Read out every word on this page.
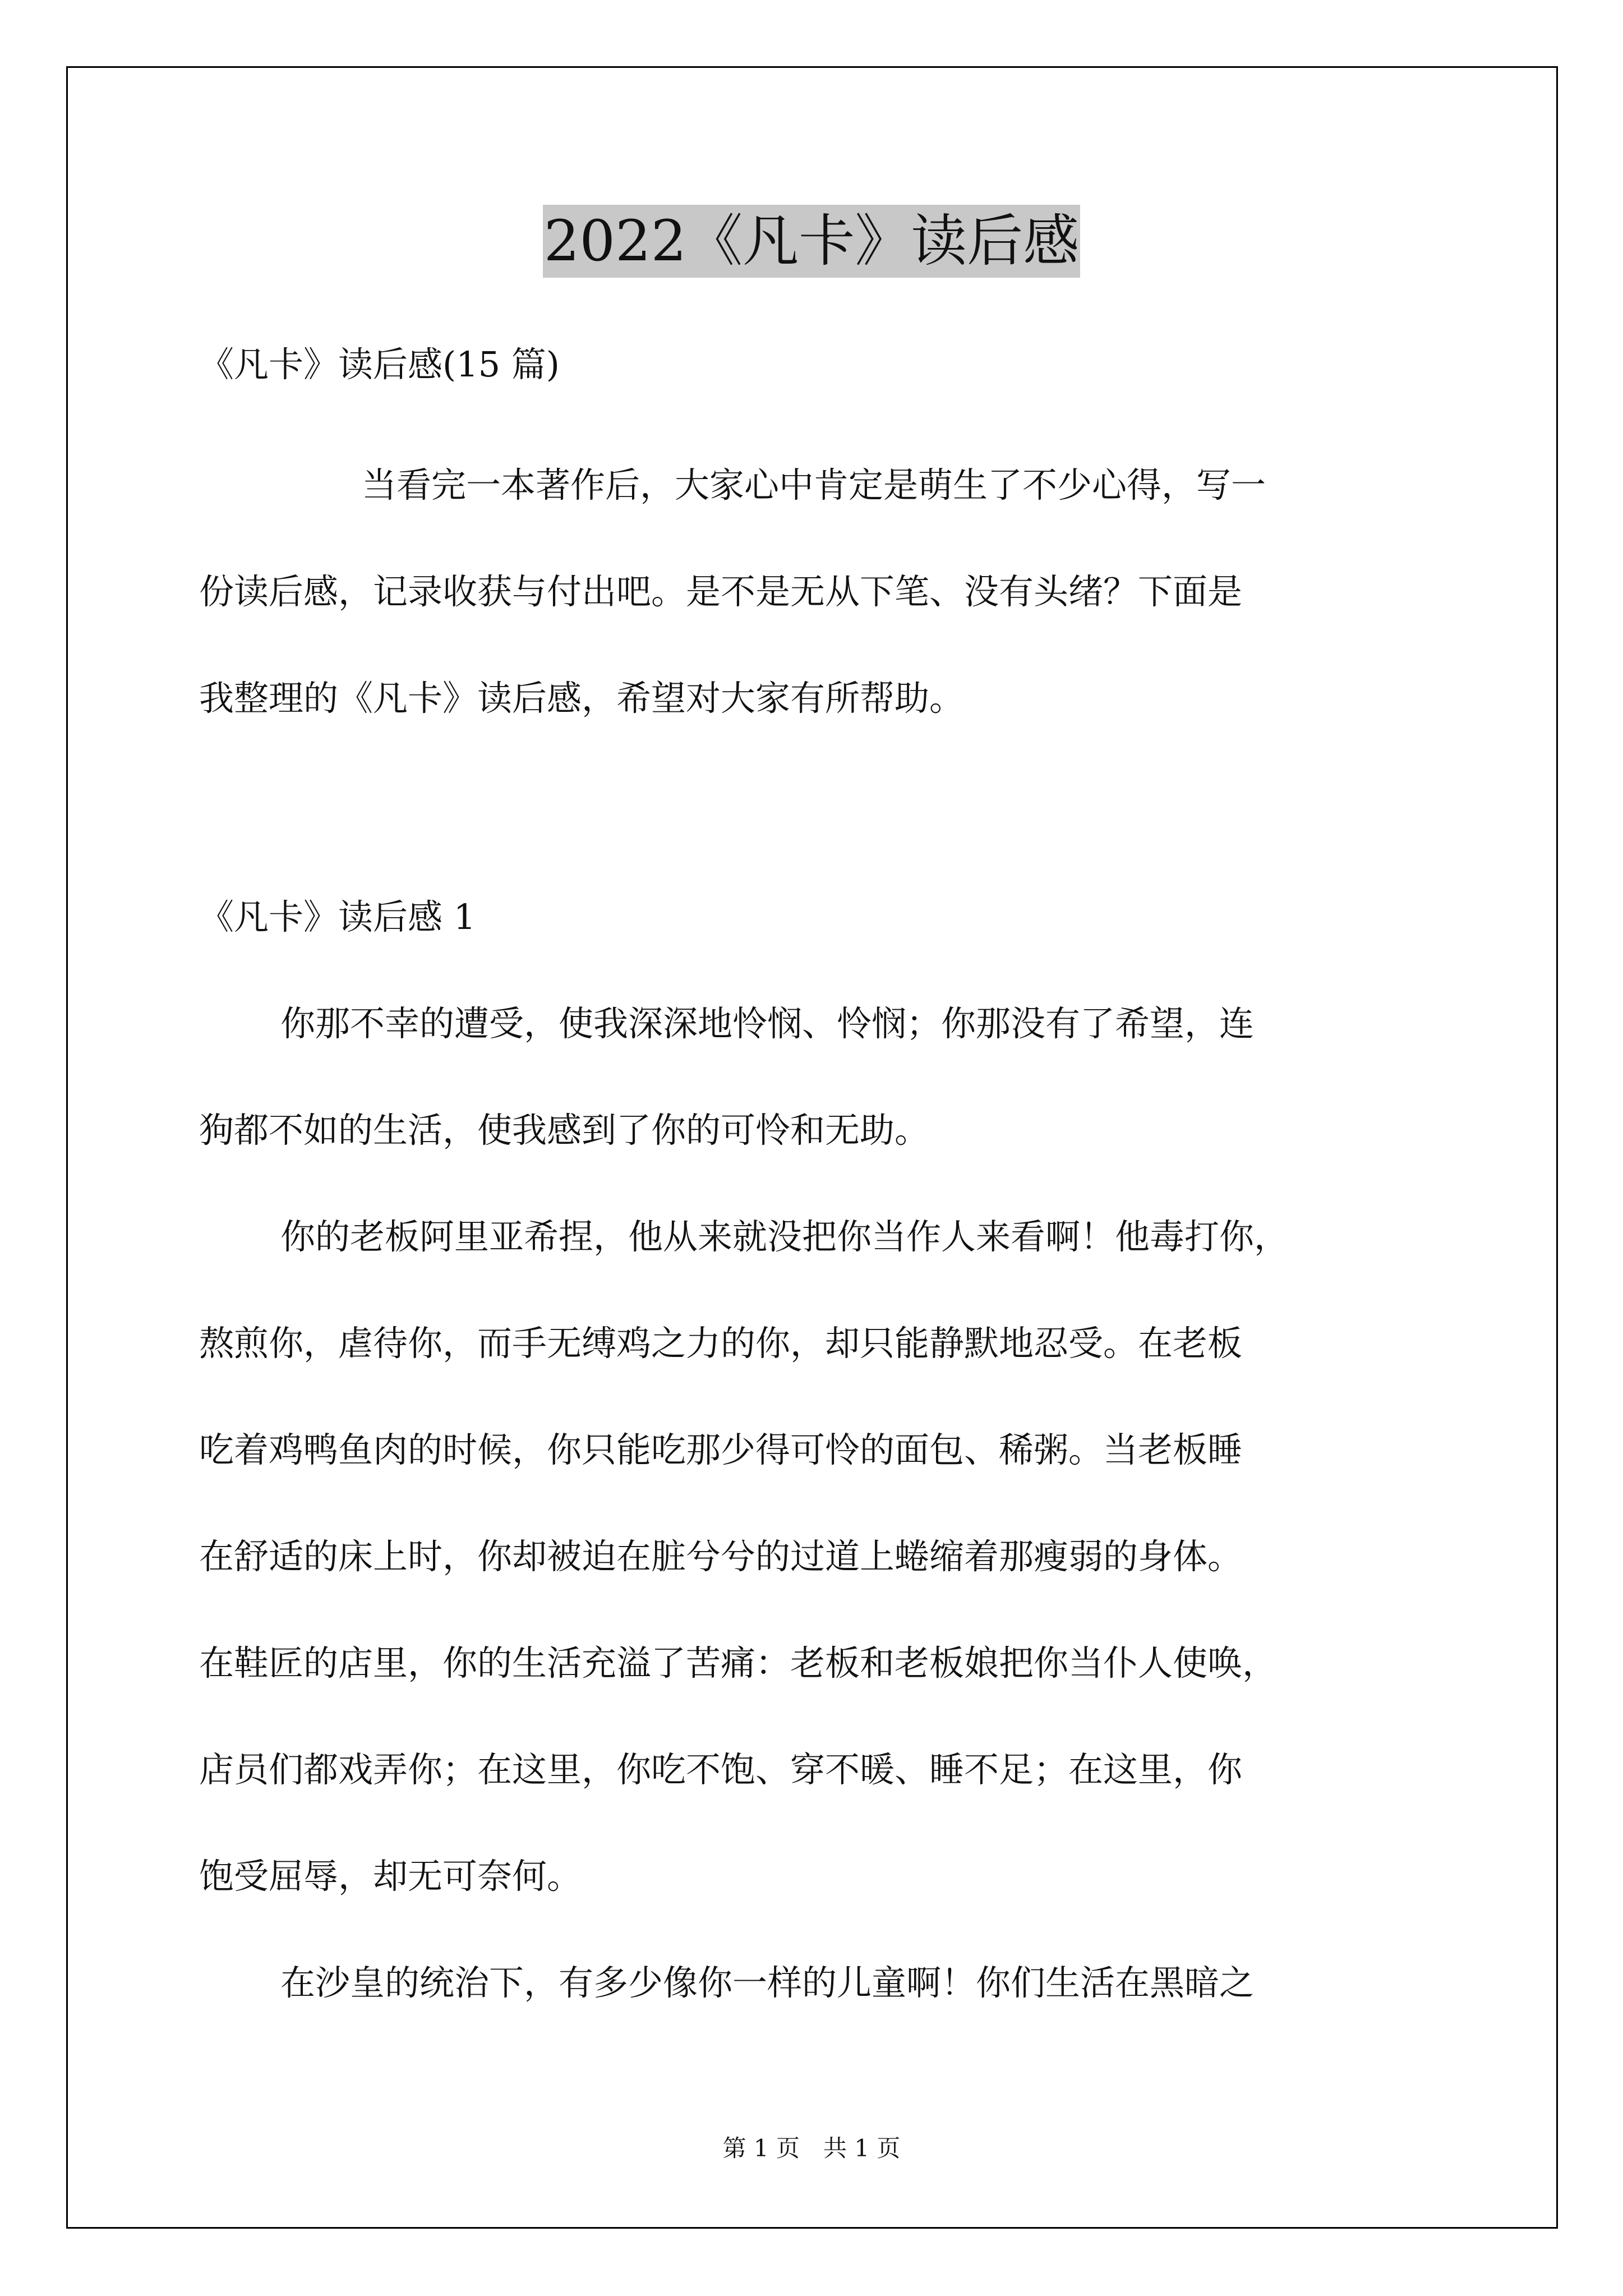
2022《凡卡》读后感
《凡卡》读后感(15 篇)
当看完一本著作后，大家心中肯定是萌生了不少心得，写一
份读后感，记录收获与付出吧。是不是无从下笔、没有头绪？下面是
我整理的《凡卡》读后感，希望对大家有所帮助。
《凡卡》读后感 1
你那不幸的遭受，使我深深地怜悯、怜悯；你那没有了希望，连
狗都不如的生活，使我感到了你的可怜和无助。
你的老板阿里亚希捏，他从来就没把你当作人来看啊！他毒打你，
熬煎你，虐待你，而手无缚鸡之力的你，却只能静默地忍受。在老板
吃着鸡鸭鱼肉的时候，你只能吃那少得可怜的面包、稀粥。当老板睡
在舒适的床上时，你却被迫在脏兮兮的过道上蜷缩着那瘦弱的身体。
在鞋匠的店里，你的生活充溢了苦痛：老板和老板娘把你当仆人使唤，
店员们都戏弄你；在这里，你吃不饱、穿不暖、睡不足；在这里，你
饱受屈辱，却无可奈何。
在沙皇的统治下，有多少像你一样的儿童啊！你们生活在黑暗之
第 1 页　共 1 页
